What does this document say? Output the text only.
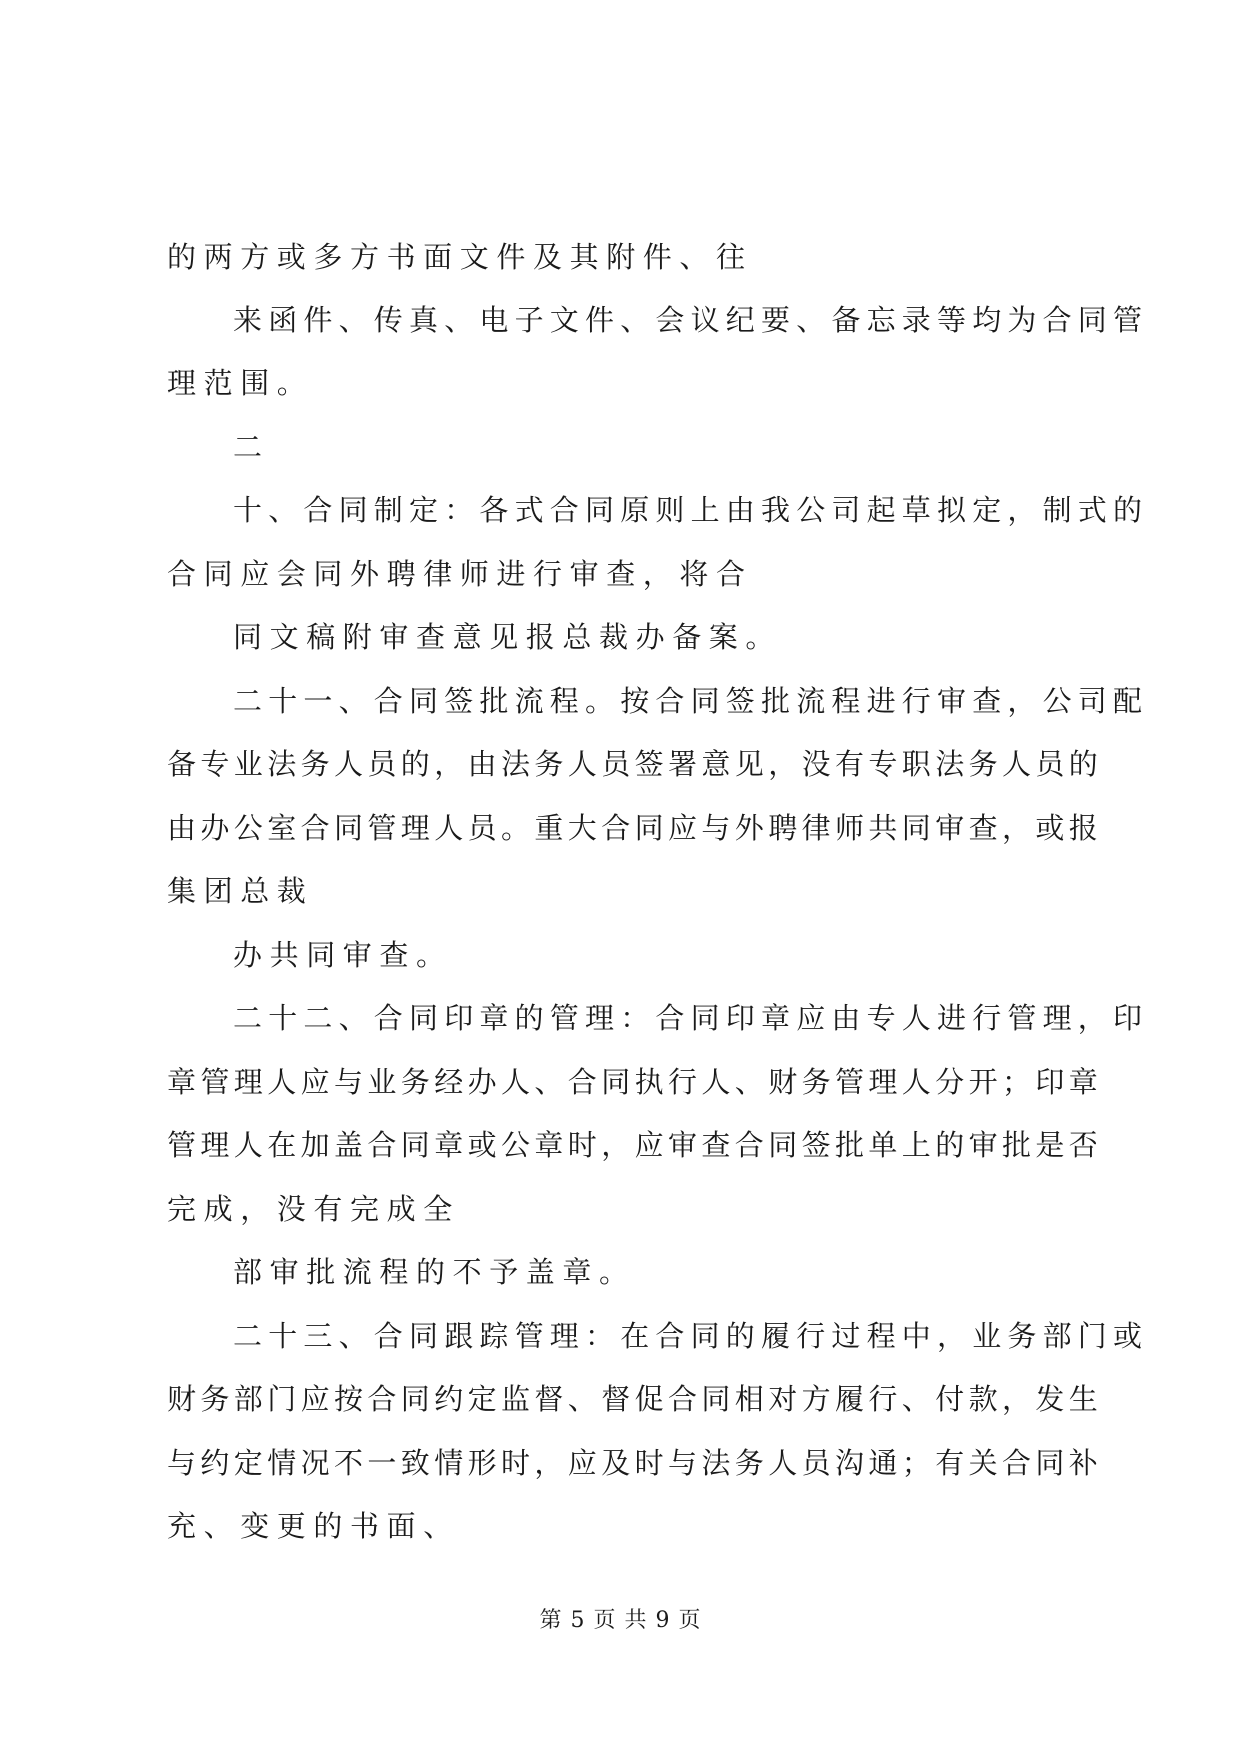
的两方或多方书面文件及其附件、往
来函件、传真、电子文件、会议纪要、备忘录等均为合同管
理范围。
二
十、合同制定：各式合同原则上由我公司起草拟定，制式的
合同应会同外聘律师进行审查，将合
同文稿附审查意见报总裁办备案。
二十一、合同签批流程。按合同签批流程进行审查，公司配
备专业法务人员的，由法务人员签署意见，没有专职法务人员的
由办公室合同管理人员。重大合同应与外聘律师共同审查，或报
集团总裁
办共同审查。
二十二、合同印章的管理：合同印章应由专人进行管理，印
章管理人应与业务经办人、合同执行人、财务管理人分开；印章
管理人在加盖合同章或公章时，应审查合同签批单上的审批是否
完成，没有完成全
部审批流程的不予盖章。
二十三、合同跟踪管理：在合同的履行过程中，业务部门或
财务部门应按合同约定监督、督促合同相对方履行、付款，发生
与约定情况不一致情形时，应及时与法务人员沟通；有关合同补
充、变更的书面、
第 5 页 共 9 页
